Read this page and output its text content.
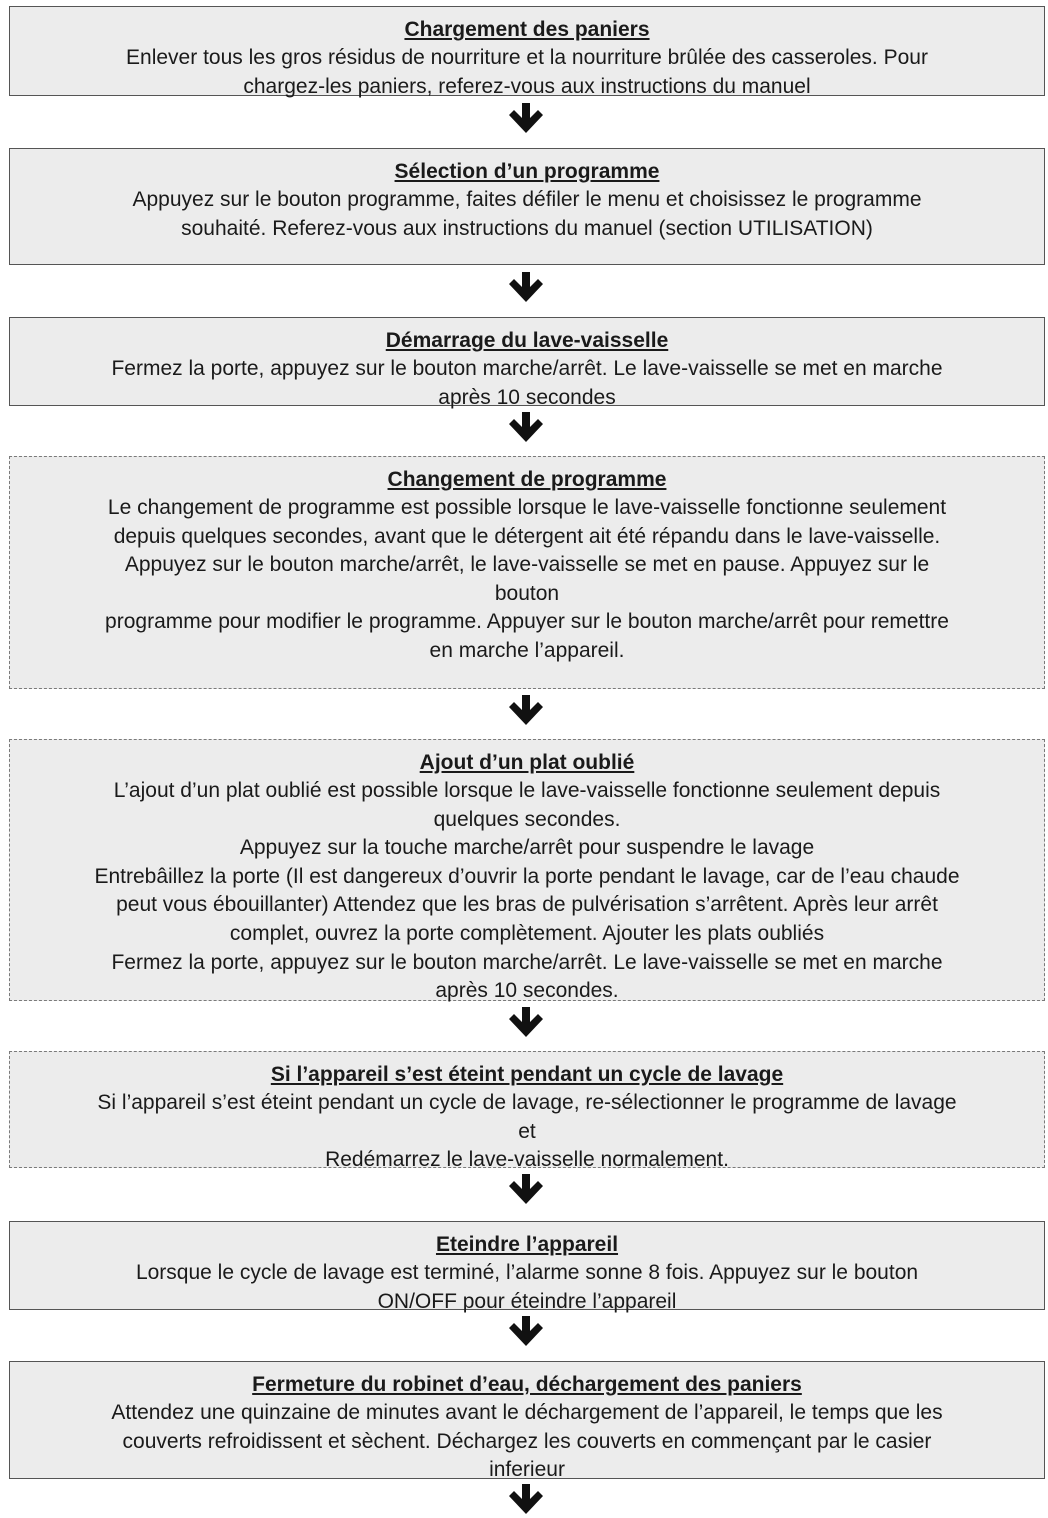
Chargement des paniers

Enlever tous les gros résidus de nourriture et la nourriture brûlée des casseroles. Pour

chargez-les paniers, referez-vous aux instructions du manuel

Sélection d’un programme

Appuyez sur le bouton programme, faites défiler le menu et choisissez le programme

souhaité. Referez-vous aux instructions du manuel (section UTILISATION)

Démarrage du lave-vaisselle

Fermez la porte, appuyez sur le bouton marche/arrêt. Le lave-vaisselle se met en marche

après 10 secondes

Changement de programme

Le changement de programme est possible lorsque le lave-vaisselle fonctionne seulement

depuis quelques secondes, avant que le détergent ait été répandu dans le lave-vaisselle.

Appuyez sur le bouton marche/arrêt, le lave-vaisselle se met en pause. Appuyez sur le

bouton

programme pour modifier le programme. Appuyer sur le bouton marche/arrêt pour remettre

en marche l’appareil.

Ajout d’un plat oublié

L’ajout d’un plat oublié est possible lorsque le lave-vaisselle fonctionne seulement depuis

quelques secondes.

Appuyez sur la touche marche/arrêt pour suspendre le lavage

Entrebâillez la porte (Il est dangereux d’ouvrir la porte pendant le lavage, car de l’eau chaude

peut vous ébouillanter) Attendez que les bras de pulvérisation s’arrêtent. Après leur arrêt

complet, ouvrez la porte complètement. Ajouter les plats oubliés

Fermez la porte, appuyez sur le bouton marche/arrêt. Le lave-vaisselle se met en marche

après 10 secondes.

Si l’appareil s’est éteint pendant un cycle de lavage

Si l’appareil s’est éteint pendant un cycle de lavage, re-sélectionner le programme de lavage

et

Redémarrez le lave-vaisselle normalement.

Eteindre l’appareil

Lorsque le cycle de lavage est terminé, l’alarme sonne 8 fois. Appuyez sur le bouton

ON/OFF pour éteindre l’appareil

Fermeture du robinet d’eau, déchargement des paniers

Attendez une quinzaine de minutes avant le déchargement de l’appareil, le temps que les

couverts refroidissent et sèchent. Déchargez les couverts en commençant par le casier

inferieur
